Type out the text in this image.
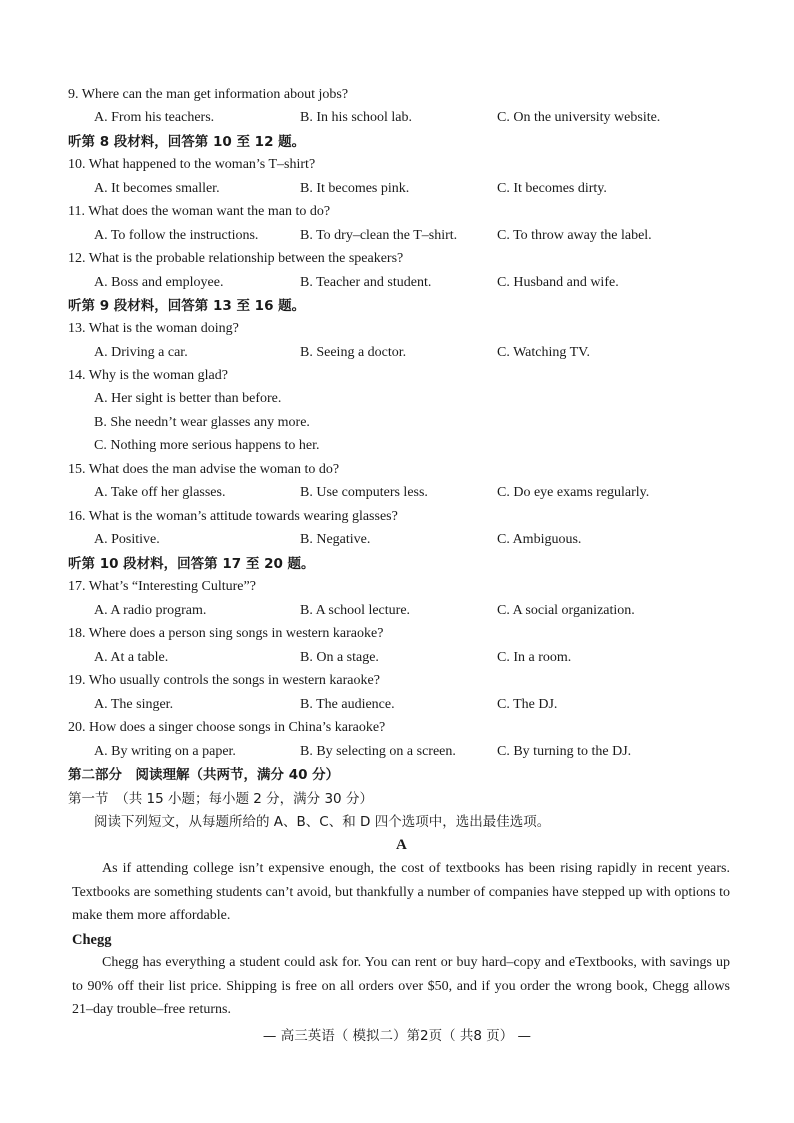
9. Where can the man get information about jobs?
A. From his teachers.	B. In his school lab.	C. On the university website.
听第 8 段材料，回答第 10 至 12 题。
10. What happened to the woman’s T–shirt?
A. It becomes smaller.	B. It becomes pink.	C. It becomes dirty.
11. What does the woman want the man to do?
A. To follow the instructions.	B. To dry–clean the T–shirt.	C. To throw away the label.
12. What is the probable relationship between the speakers?
A. Boss and employee.	B. Teacher and student.	C. Husband and wife.
听第 9 段材料，回答第 13 至 16 题。
13. What is the woman doing?
A. Driving a car.	B. Seeing a doctor.	C. Watching TV.
14. Why is the woman glad?
A. Her sight is better than before.
B. She needn’t wear glasses any more.
C. Nothing more serious happens to her.
15. What does the man advise the woman to do?
A. Take off her glasses.	B. Use computers less.	C. Do eye exams regularly.
16. What is the woman’s attitude towards wearing glasses?
A. Positive.	B. Negative.	C. Ambiguous.
听第 10 段材料，回答第 17 至 20 题。
17. What’s “Interesting Culture”?
A. A radio program.	B. A school lecture.	C. A social organization.
18. Where does a person sing songs in western karaoke?
A. At a table.	B. On a stage.	C. In a room.
19. Who usually controls the songs in western karaoke?
A. The singer.	B. The audience.	C. The DJ.
20. How does a singer choose songs in China’s karaoke?
A. By writing on a paper.	B. By selecting on a screen.	C. By turning to the DJ.
第二部分　阅读理解（共两节，满分 40 分）
第一节　（共 15 小题；每小题 2 分，满分 30 分）
阅读下列短文，从每题所给的 A、B、C、和 D 四个选项中，选出最佳选项。
A
As if attending college isn’t expensive enough, the cost of textbooks has been rising rapidly in recent years. Textbooks are something students can’t avoid, but thankfully a number of companies have stepped up with options to make them more affordable.
Chegg
Chegg has everything a student could ask for. You can rent or buy hard–copy and eTextbooks, with savings up to 90% off their list price. Shipping is free on all orders over $50, and if you order the wrong book, Chegg allows 21–day trouble–free returns.
— 高三英语（ 模拟二）第2页（ 共8 页） —
